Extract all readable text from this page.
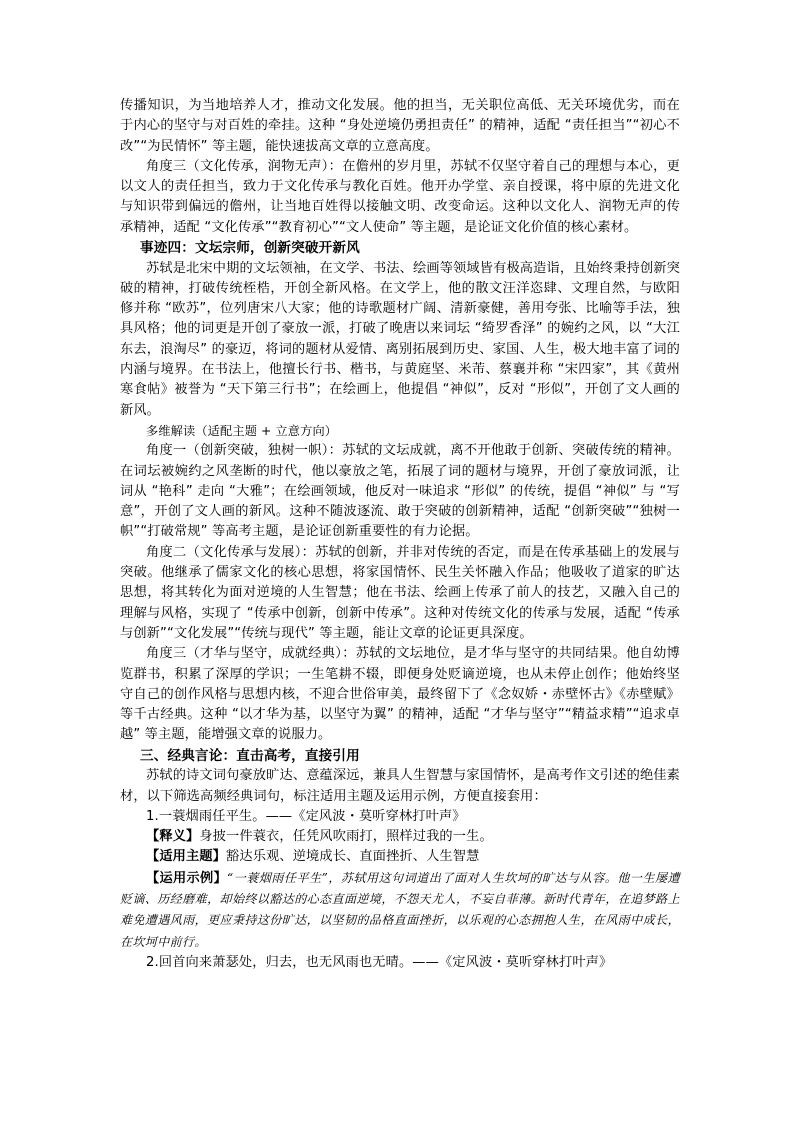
传播知识，为当地培养人才，推动文化发展。他的担当，无关职位高低、无关环境优劣，而在于内心的坚守与对百姓的牵挂。这种 “身处逆境仍勇担责任” 的精神，适配 “责任担当”“初心不改”“为民情怀” 等主题，能快速拔高文章的立意高度。

角度三（文化传承，润物无声）：在儋州的岁月里，苏轼不仅坚守着自己的理想与本心，更以文人的责任担当，致力于文化传承与教化百姓。他开办学堂、亲自授课，将中原的先进文化与知识带到偏远的儋州，让当地百姓得以接触文明、改变命运。这种以文化人、润物无声的传承精神，适配 “文化传承”“教育初心”“文人使命” 等主题，是论证文化价值的核心素材。

事迹四：文坛宗师，创新突破开新风

苏轼是北宋中期的文坛领袖，在文学、书法、绘画等领域皆有极高造诣，且始终秉持创新突破的精神，打破传统桎梏，开创全新风格。在文学上，他的散文汪洋恣肆、文理自然，与欧阳修并称 “欧苏”，位列唐宋八大家；他的诗歌题材广阔、清新豪健，善用夸张、比喻等手法，独具风格；他的词更是开创了豪放一派，打破了晚唐以来词坛 “绮罗香泽” 的婉约之风，以 “大江东去，浪淘尽” 的豪迈，将词的题材从爱情、离别拓展到历史、家国、人生，极大地丰富了词的内涵与境界。在书法上，他擅长行书、楷书，与黄庭坚、米芾、蔡襄并称 “宋四家”，其《黄州寒食帖》被誉为 “天下第三行书”；在绘画上，他提倡 “神似”，反对 “形似”，开创了文人画的新风。

多维解读（适配主题 + 立意方向）

角度一（创新突破，独树一帜）：苏轼的文坛成就，离不开他敢于创新、突破传统的精神。在词坛被婉约之风垄断的时代，他以豪放之笔，拓展了词的题材与境界，开创了豪放词派，让词从 “艳科” 走向 “大雅”；在绘画领域，他反对一味追求 “形似” 的传统，提倡 “神似” 与 “写意”，开创了文人画的新风。这种不随波逐流、敢于突破的创新精神，适配 “创新突破”“独树一帜”“打破常规” 等高考主题，是论证创新重要性的有力论据。

角度二（文化传承与发展）：苏轼的创新，并非对传统的否定，而是在传承基础上的发展与突破。他继承了儒家文化的核心思想，将家国情怀、民生关怀融入作品；他吸收了道家的旷达思想，将其转化为面对逆境的人生智慧；他在书法、绘画上传承了前人的技艺，又融入自己的理解与风格，实现了 “传承中创新，创新中传承”。这种对传统文化的传承与发展，适配 “传承与创新”“文化发展”“传统与现代” 等主题，能让文章的论证更具深度。

角度三（才华与坚守，成就经典）：苏轼的文坛地位，是才华与坚守的共同结果。他自幼博览群书，积累了深厚的学识；一生笔耕不辍，即便身处贬谪逆境，也从未停止创作；他始终坚守自己的创作风格与思想内核，不迎合世俗审美，最终留下了《念奴娇・赤壁怀古》《赤壁赋》等千古经典。这种 “以才华为基，以坚守为翼” 的精神，适配 “才华与坚守”“精益求精”“追求卓越” 等主题，能增强文章的说服力。

三、经典言论：直击高考，直接引用

苏轼的诗文词句豪放旷达、意蕴深远，兼具人生智慧与家国情怀，是高考作文引述的绝佳素材，以下筛选高频经典词句，标注适用主题及运用示例，方便直接套用：

1.一蓑烟雨任平生。——《定风波・莫听穿林打叶声》

【释义】身披一件蓑衣，任凭风吹雨打，照样过我的一生。

【适用主题】豁达乐观、逆境成长、直面挫折、人生智慧

【运用示例】“一蓑烟雨任平生”，苏轼用这句词道出了面对人生坎坷的旷达与从容。他一生屡遭贬谪、历经磨难，却始终以豁达的心态直面逆境，不怨天尤人，不妄自菲薄。新时代青年，在追梦路上难免遭遇风雨，更应秉持这份旷达，以坚韧的品格直面挫折，以乐观的心态拥抱人生，在风雨中成长，在坎坷中前行。

2.回首向来萧瑟处，归去，也无风雨也无晴。——《定风波・莫听穿林打叶声》
